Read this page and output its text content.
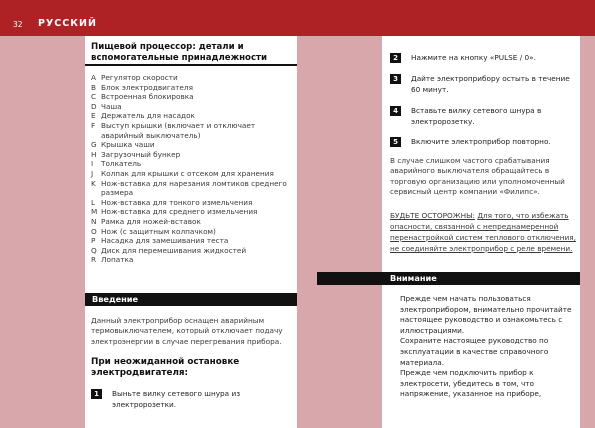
32 РУССКИЙ
Пищевой процессор: детали и вспомогательные принадлежности
A Регулятор скорости
B Блок электродвигателя
C Встроенная блокировка
D Чаша
E Держатель для насадок
F Выступ крышки (включает и отключает аварийный выключатель)
G Крышка чаши
H Загрузочный бункер
I	Толкатель
J	Колпак для крышки с отсеком для хранения
K Нож-вставка для нарезания ломтиков среднего размера
L Нож-вставка для тонкого измельчения
M Нож-вставка для среднего измельчения
N Рамка для ножей-вставок
O Нож (с защитным колпачком)
P Насадка для замешивания теста
Q Диск для перемешивания жидкостей
R Лопатка
Введение
Данный электроприбор оснащен аварийным термовыключателем, который отключает подачу электроэнергии в случае перегревания прибора.
При неожиданной остановке электродвигателя:
1	Выньте вилку сетевого шнура из электророзетки.
2	Нажмите на кнопку «PULSE / 0».
3	Дайте электроприбору остыть в течение 60 минут.
4	Вставьте вилку сетевого шнура в электророзетку.
5	Включите электроприбор повторно.
В случае слишком частого срабатывания аварийного выключателя обращайтесь в торговую организацию или уполномоченный сервисный центр компании «Филипс».
БУДЬТЕ ОСТОРОЖНЫ: Для того, что избежать опасности, связанной с непреднамеренной перенастройкой систем теплового отключения, не соединяйте электроприбор с реле времени.
Внимание
Прежде чем начать пользоваться электроприбором, внимательно прочитайте настоящее руководство и ознакомьтесь с иллюстрациями.
Сохраните настоящее руководство по эксплуатации в качестве справочного материала.
Прежде чем подключить прибор к электросети, убедитесь в том, что напряжение, указанное на приборе,
